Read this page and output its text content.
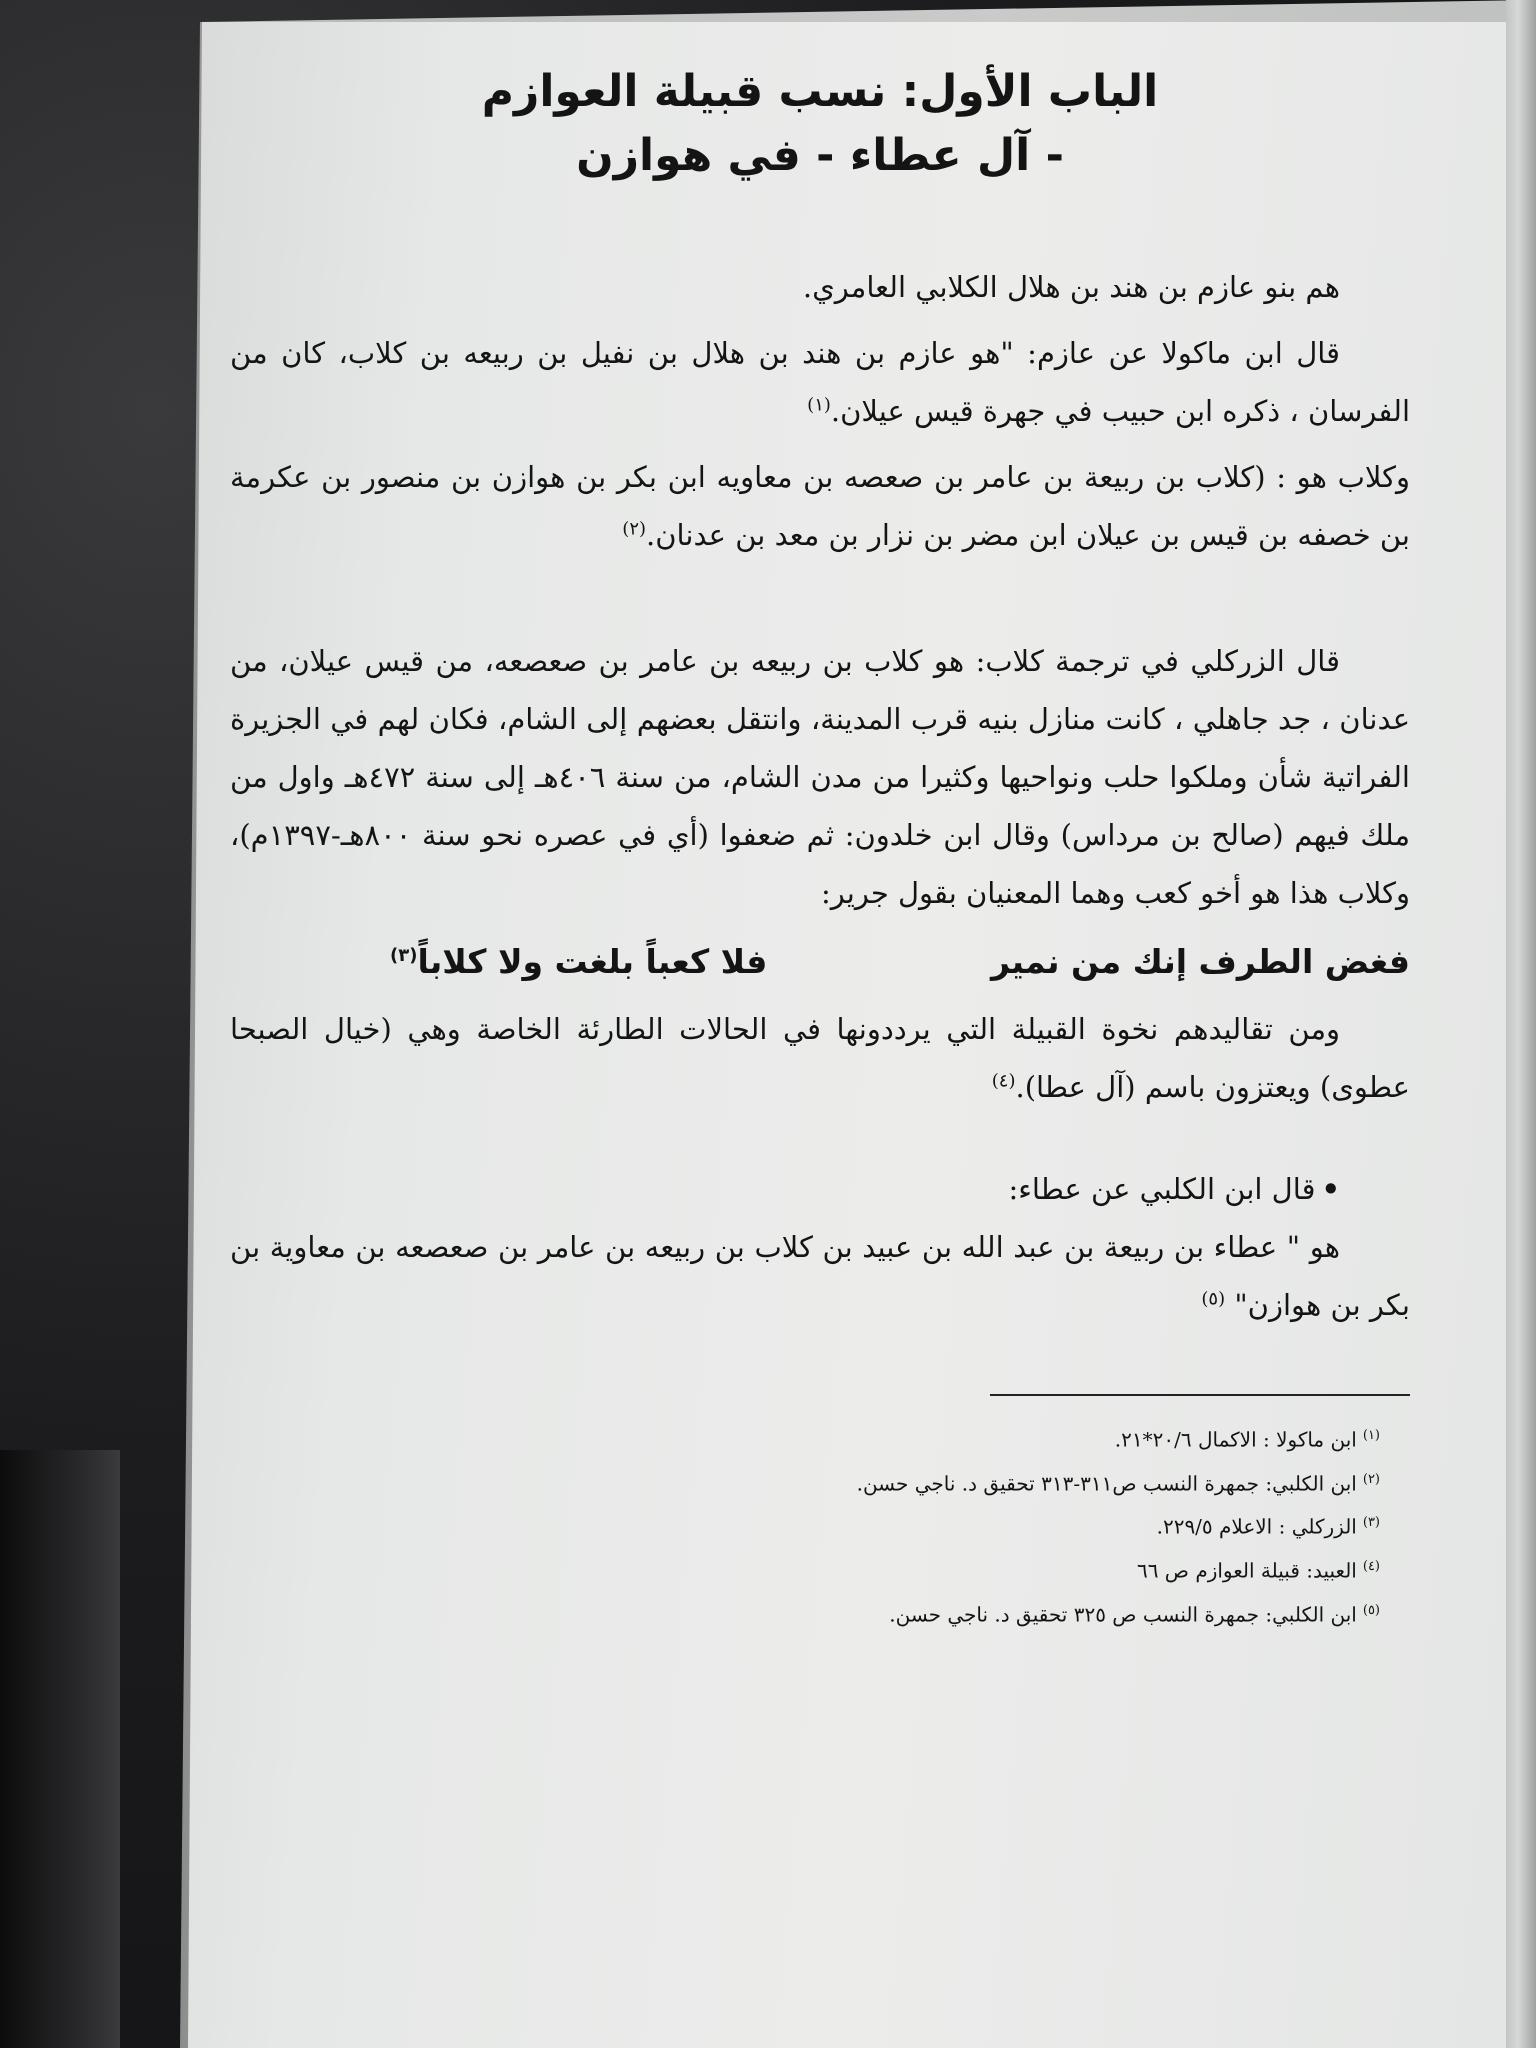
الباب الأول: نسب قبيلة العوازم

- آل عطاء - في هوازن

هم بنو عازم بن هند بن هلال الكلابي العامري.

قال ابن ماكولا عن عازم: "هو عازم بن هند بن هلال بن نفيل بن ربيعه بن كلاب، كان من الفرسان ، ذكره ابن حبيب في جهرة قيس عيلان.$^{(١)}$

وكلاب هو : (كلاب بن ربيعة بن عامر بن صعصه بن معاويه ابن بكر بن هوازن بن منصور بن عكرمة بن خصفه بن قيس بن عيلان ابن مضر بن نزار بن معد بن عدنان.$^{(٢)}$

قال الزركلي في ترجمة كلاب: هو كلاب بن ربيعه بن عامر بن صعصعه، من قيس عيلان، من عدنان ، جد جاهلي ، كانت منازل بنيه قرب المدينة، وانتقل بعضهم إلى الشام، فكان لهم في الجزيرة الفراتية شأن وملكوا حلب ونواحيها وكثيرا من مدن الشام، من سنة ٤٠٦هـ إلى سنة ٤٧٢هـ واول من ملك فيهم (صالح بن مرداس) وقال ابن خلدون: ثم ضعفوا (أي في عصره نحو سنة ٨٠٠هـ-١٣٩٧م)، وكلاب هذا هو أخو كعب وهما المعنيان بقول جرير:

فغض الطرف إنك من نمير
فلا كعباً بلغت ولا كلاباً$^{(٣)}$

ومن تقاليدهم نخوة القبيلة التي يرددونها في الحالات الطارئة الخاصة وهي (خيال الصبحا عطوى) ويعتزون باسم (آل عطا).$^{(٤)}$

•قال ابن الكلبي عن عطاء:

هو " عطاء بن ربيعة بن عبد الله بن عبيد بن كلاب بن ربيعه بن عامر بن صعصعه بن معاوية بن بكر بن هوازن" $^{(٥)}$

$^{(١)}$ابن ماكولا : الاكمال ٢٠/٦*٢١.
$^{(٢)}$ابن الكلبي: جمهرة النسب ص٣١١-٣١٣ تحقيق د. ناجي حسن.
$^{(٣)}$الزركلي : الاعلام ٢٢٩/٥.
$^{(٤)}$العبيد: قبيلة العوازم ص ٦٦
$^{(٥)}$ابن الكلبي: جمهرة النسب ص ٣٢٥ تحقيق د. ناجي حسن.
